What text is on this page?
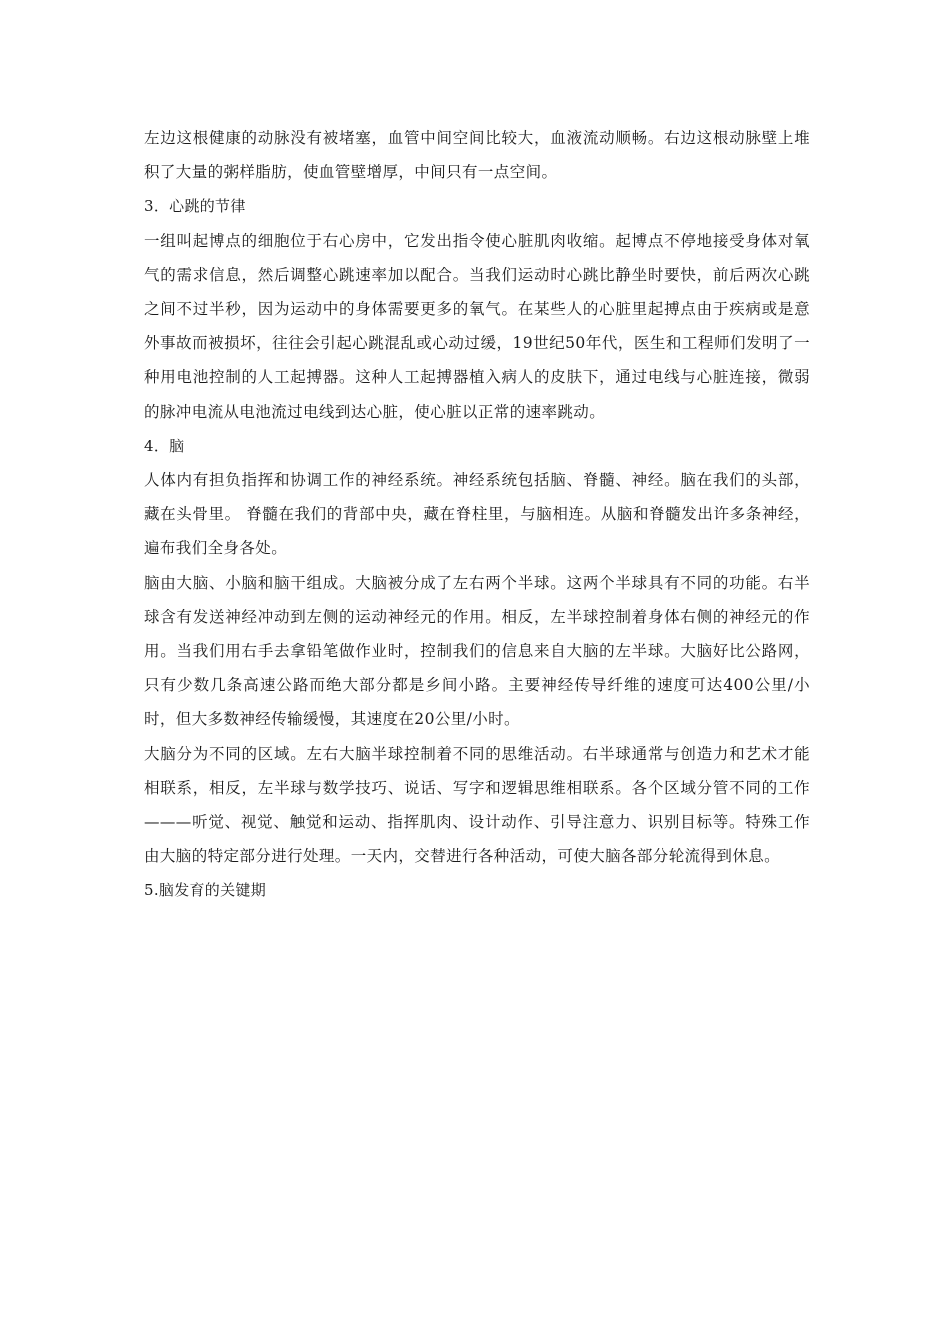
左边这根健康的动脉没有被堵塞，血管中间空间比较大，血液流动顺畅。右边这根动脉壁上堆积了大量的粥样脂肪，使血管壁增厚，中间只有一点空间。

3．心跳的节律

一组叫起博点的细胞位于右心房中，它发出指令使心脏肌肉收缩。起博点不停地接受身体对氧气的需求信息，然后调整心跳速率加以配合。当我们运动时心跳比静坐时要快，前后两次心跳之间不过半秒，因为运动中的身体需要更多的氧气。在某些人的心脏里起搏点由于疾病或是意外事故而被损坏，往往会引起心跳混乱或心动过缓，19世纪50年代，医生和工程师们发明了一种用电池控制的人工起搏器。这种人工起搏器植入病人的皮肤下，通过电线与心脏连接，微弱的脉冲电流从电池流过电线到达心脏，使心脏以正常的速率跳动。

4．脑

人体内有担负指挥和协调工作的神经系统。神经系统包括脑、脊髓、神经。脑在我们的头部，藏在头骨里。 脊髓在我们的背部中央，藏在脊柱里，与脑相连。从脑和脊髓发出许多条神经，遍布我们全身各处。

脑由大脑、小脑和脑干组成。大脑被分成了左右两个半球。这两个半球具有不同的功能。右半球含有发送神经冲动到左侧的运动神经元的作用。相反，左半球控制着身体右侧的神经元的作用。当我们用右手去拿铅笔做作业时，控制我们的信息来自大脑的左半球。大脑好比公路网，只有少数几条高速公路而绝大部分都是乡间小路。主要神经传导纤维的速度可达400公里/小时，但大多数神经传输缓慢，其速度在20公里/小时。

大脑分为不同的区域。左右大脑半球控制着不同的思维活动。右半球通常与创造力和艺术才能相联系，相反，左半球与数学技巧、说话、写字和逻辑思维相联系。各个区域分管不同的工作———听觉、视觉、触觉和运动、指挥肌肉、设计动作、引导注意力、识别目标等。特殊工作由大脑的特定部分进行处理。一天内，交替进行各种活动，可使大脑各部分轮流得到休息。

5.脑发育的关键期
